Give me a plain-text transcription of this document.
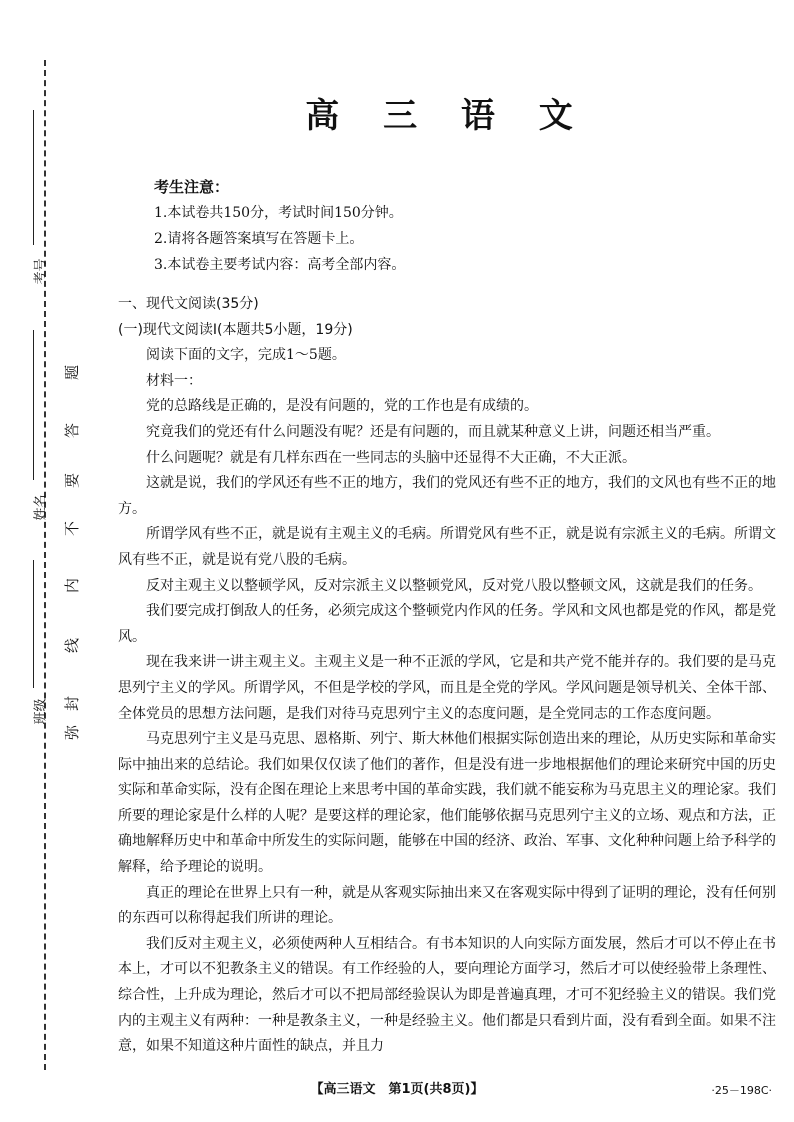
考号
姓名
班级
题
答
要
不
内
线
封
弥
高 三 语 文
考生注意：
1.本试卷共150分，考试时间150分钟。
2.请将各题答案填写在答题卡上。
3.本试卷主要考试内容：高考全部内容。
一、现代文阅读(35分)
(一)现代文阅读Ⅰ(本题共5小题，19分)
阅读下面的文字，完成1～5题。
材料一：

党的总路线是正确的，是没有问题的，党的工作也是有成绩的。

究竟我们的党还有什么问题没有呢？还是有问题的，而且就某种意义上讲，问题还相当严重。

什么问题呢？就是有几样东西在一些同志的头脑中还显得不大正确，不大正派。

这就是说，我们的学风还有些不正的地方，我们的党风还有些不正的地方，我们的文风也有些不正的地方。

所谓学风有些不正，就是说有主观主义的毛病。所谓党风有些不正，就是说有宗派主义的毛病。所谓文风有些不正，就是说有党八股的毛病。

反对主观主义以整顿学风，反对宗派主义以整顿党风，反对党八股以整顿文风，这就是我们的任务。

我们要完成打倒敌人的任务，必须完成这个整顿党内作风的任务。学风和文风也都是党的作风，都是党风。

现在我来讲一讲主观主义。主观主义是一种不正派的学风，它是和共产党不能并存的。我们要的是马克思列宁主义的学风。所谓学风，不但是学校的学风，而且是全党的学风。学风问题是领导机关、全体干部、全体党员的思想方法问题，是我们对待马克思列宁主义的态度问题，是全党同志的工作态度问题。

马克思列宁主义是马克思、恩格斯、列宁、斯大林他们根据实际创造出来的理论，从历史实际和革命实际中抽出来的总结论。我们如果仅仅读了他们的著作，但是没有进一步地根据他们的理论来研究中国的历史实际和革命实际，没有企图在理论上来思考中国的革命实践，我们就不能妄称为马克思主义的理论家。我们所要的理论家是什么样的人呢？是要这样的理论家，他们能够依据马克思列宁主义的立场、观点和方法，正确地解释历史中和革命中所发生的实际问题，能够在中国的经济、政治、军事、文化种种问题上给予科学的解释，给予理论的说明。

真正的理论在世界上只有一种，就是从客观实际抽出来又在客观实际中得到了证明的理论，没有任何别的东西可以称得起我们所讲的理论。

我们反对主观主义，必须使两种人互相结合。有书本知识的人向实际方面发展，然后才可以不停止在书本上，才可以不犯教条主义的错误。有工作经验的人，要向理论方面学习，然后才可以使经验带上条理性、综合性，上升成为理论，然后才可以不把局部经验误认为即是普遍真理，才可不犯经验主义的错误。我们党内的主观主义有两种：一种是教条主义，一种是经验主义。他们都是只看到片面，没有看到全面。如果不注意，如果不知道这种片面性的缺点，并且力

【高三语文　第1页(共8页)】	·25－198C·
